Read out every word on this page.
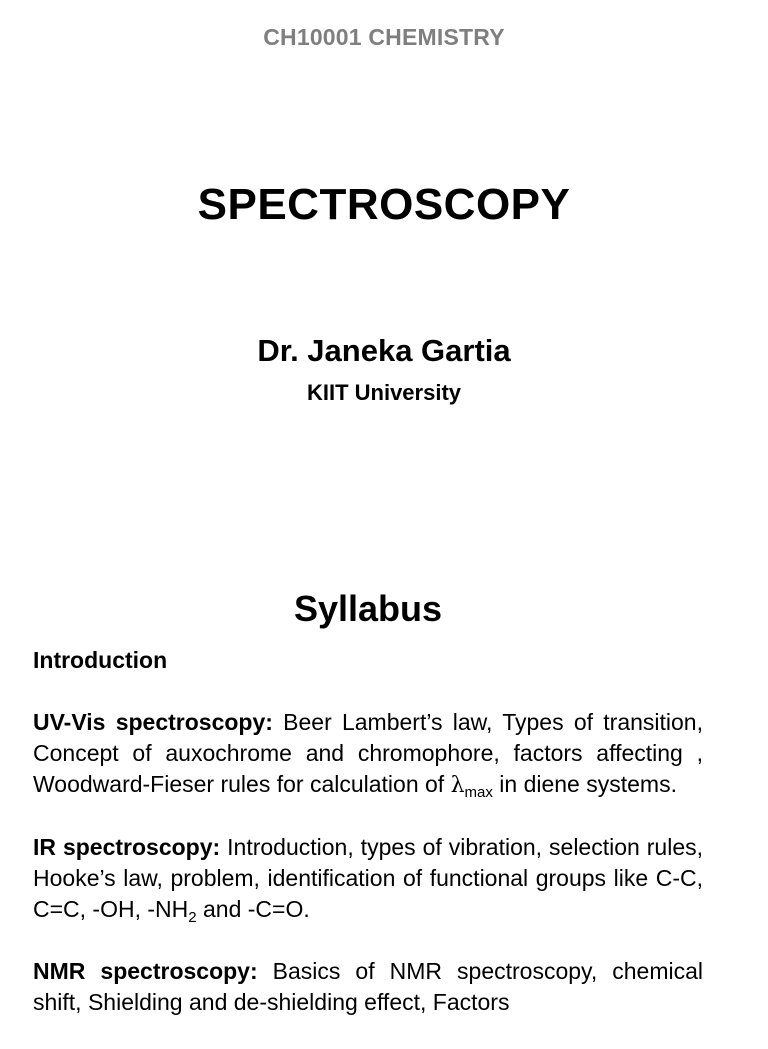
CH10001 CHEMISTRY
SPECTROSCOPY
Dr. Janeka Gartia
KIIT University
Syllabus
Introduction
UV-Vis spectroscopy: Beer Lambert’s law, Types of transition, Concept of auxochrome and chromophore, factors affecting , Woodward-Fieser rules for calculation of $\lambda_{max}$ in diene systems.
IR spectroscopy: Introduction, types of vibration, selection rules, Hooke’s law, problem, identification of functional groups like C-C, C=C, -OH, $-NH_2$ and -C=O.
NMR spectroscopy: Basics of NMR spectroscopy, chemical shift, Shielding and de-shielding effect, Factors
